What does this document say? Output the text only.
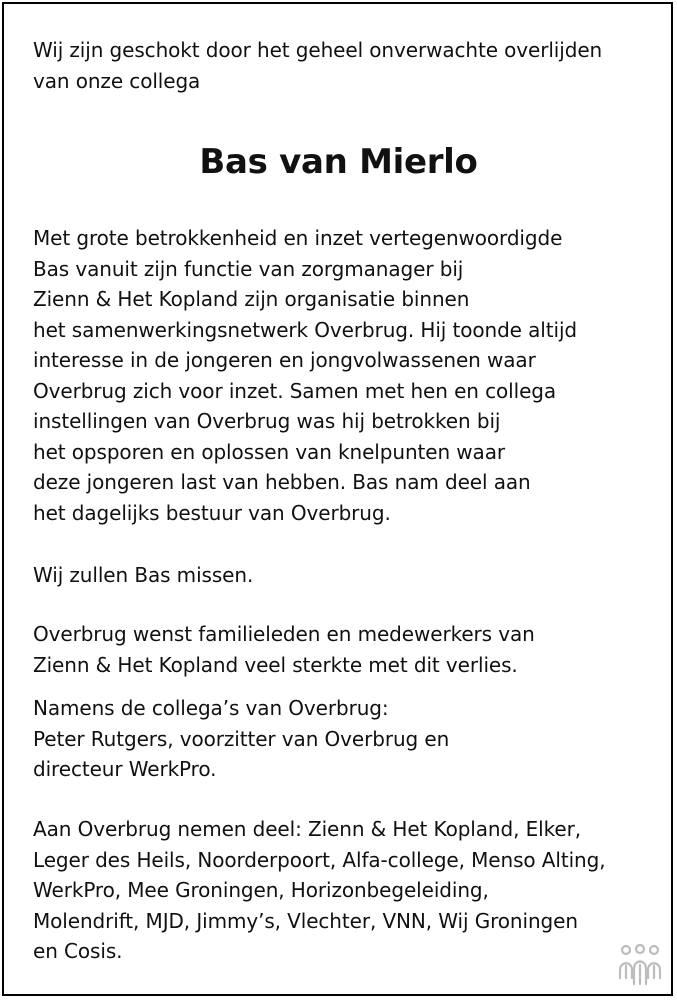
Wij zijn geschokt door het geheel onverwachte overlijden
van onze collega
Bas van Mierlo
Met grote betrokkenheid en inzet vertegenwoordigde
Bas vanuit zijn functie van zorgmanager bij
Zienn & Het Kopland zijn organisatie binnen
het samenwerkingsnetwerk Overbrug. Hij toonde altijd
interesse in de jongeren en jongvolwassenen waar
Overbrug zich voor inzet. Samen met hen en collega
instellingen van Overbrug was hij betrokken bij
het opsporen en oplossen van knelpunten waar
deze jongeren last van hebben. Bas nam deel aan
het dagelijks bestuur van Overbrug.
Wij zullen Bas missen.
Overbrug wenst familieleden en medewerkers van
Zienn & Het Kopland veel sterkte met dit verlies.
Namens de collega’s van Overbrug:
Peter Rutgers, voorzitter van Overbrug en
directeur WerkPro.
Aan Overbrug nemen deel: Zienn & Het Kopland, Elker,
Leger des Heils, Noorderpoort, Alfa-college, Menso Alting,
WerkPro, Mee Groningen, Horizonbegeleiding,
Molendrift, MJD, Jimmy’s, Vlechter, VNN, Wij Groningen
en Cosis.
